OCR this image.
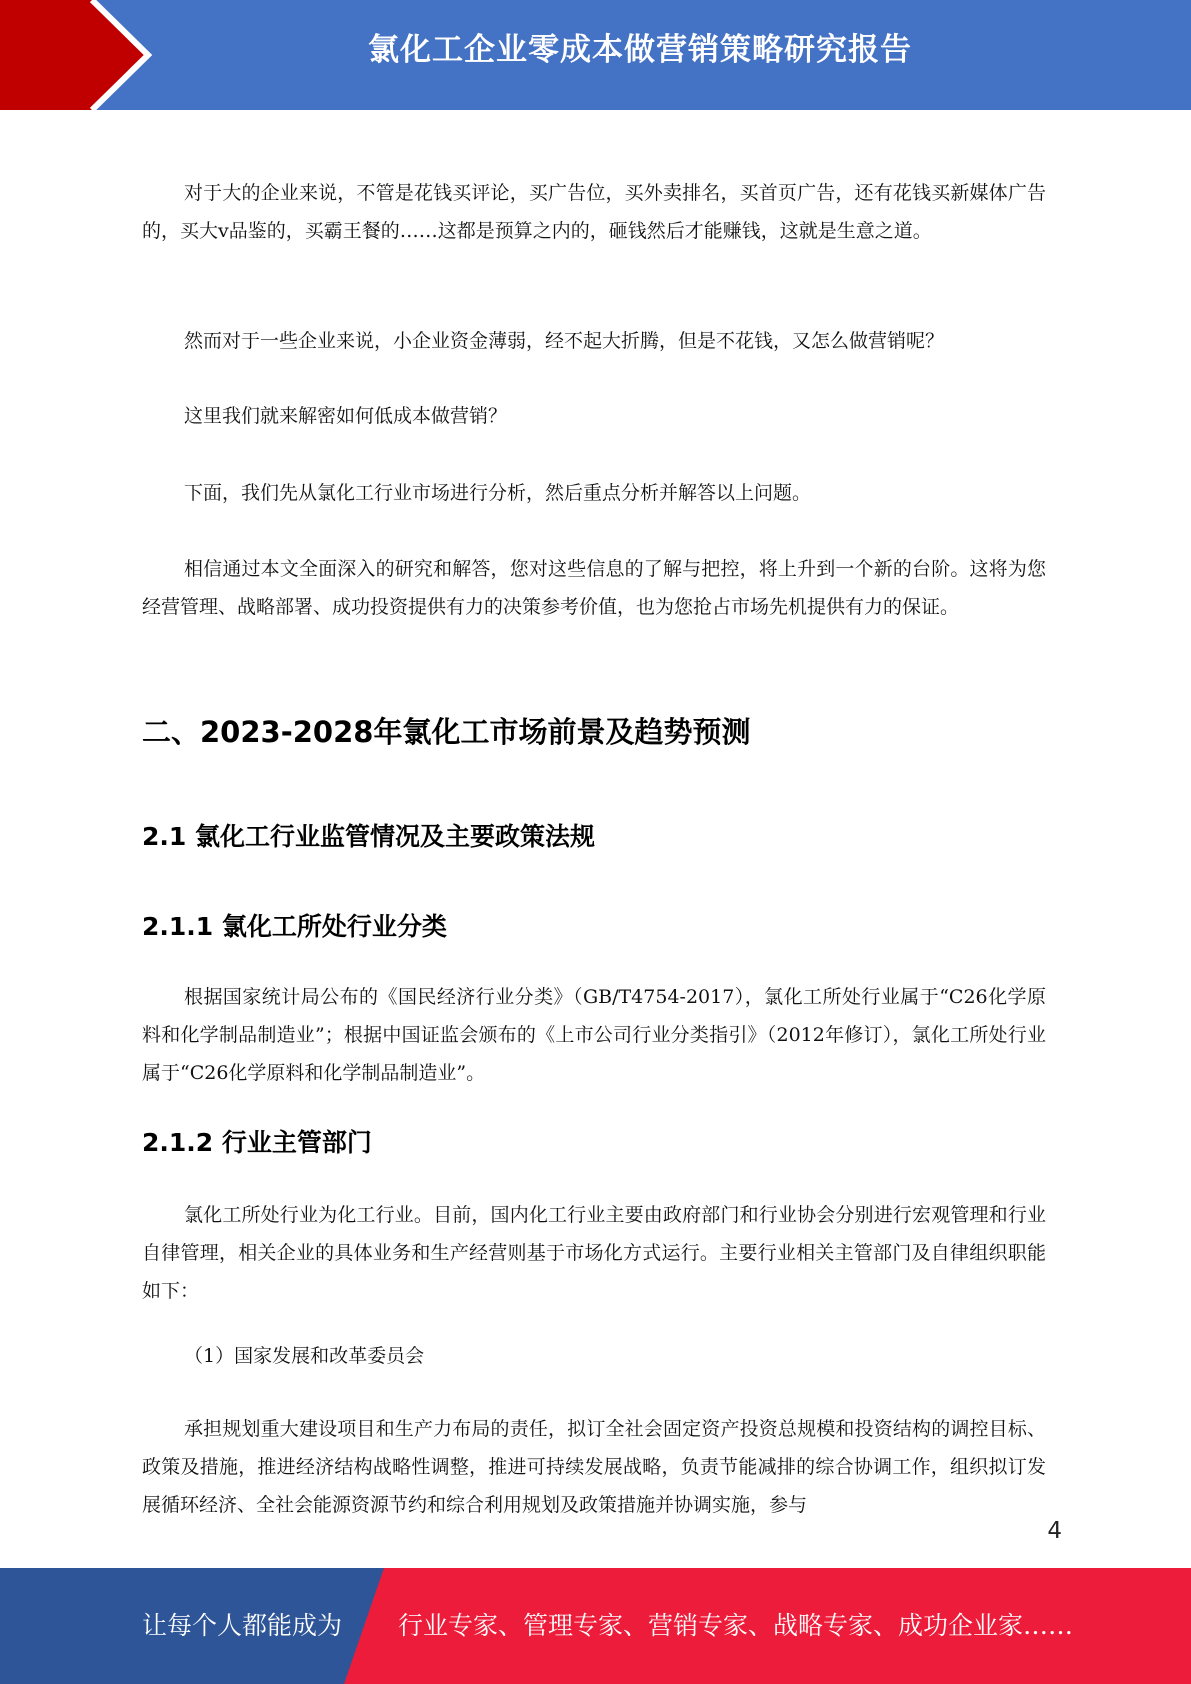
氯化工企业零成本做营销策略研究报告

对于大的企业来说，不管是花钱买评论，买广告位，买外卖排名，买首页广告，还有花钱买新媒体广告的，买大v品鉴的，买霸王餐的……这都是预算之内的，砸钱然后才能赚钱，这就是生意之道。

然而对于一些企业来说，小企业资金薄弱，经不起大折腾，但是不花钱，又怎么做营销呢？

这里我们就来解密如何低成本做营销？

下面，我们先从氯化工行业市场进行分析，然后重点分析并解答以上问题。

相信通过本文全面深入的研究和解答，您对这些信息的了解与把控，将上升到一个新的台阶。这将为您经营管理、战略部署、成功投资提供有力的决策参考价值，也为您抢占市场先机提供有力的保证。

二、2023-2028年氯化工市场前景及趋势预测
2.1 氯化工行业监管情况及主要政策法规
2.1.1 氯化工所处行业分类

根据国家统计局公布的《国民经济行业分类》（GB/T4754-2017），氯化工所处行业属于“C26化学原料和化学制品制造业”；根据中国证监会颁布的《上市公司行业分类指引》（2012年修订），氯化工所处行业属于“C26化学原料和化学制品制造业”。

2.1.2 行业主管部门

氯化工所处行业为化工行业。目前，国内化工行业主要由政府部门和行业协会分别进行宏观管理和行业自律管理，相关企业的具体业务和生产经营则基于市场化方式运行。主要行业相关主管部门及自律组织职能如下：

（1）国家发展和改革委员会

承担规划重大建设项目和生产力布局的责任，拟订全社会固定资产投资总规模和投资结构的调控目标、政策及措施，推进经济结构战略性调整，推进可持续发展战略，负责节能减排的综合协调工作，组织拟订发展循环经济、全社会能源资源节约和综合利用规划及政策措施并协调实施，参与

4
让每个人都能成为 行业专家、管理专家、营销专家、战略专家、成功企业家……
